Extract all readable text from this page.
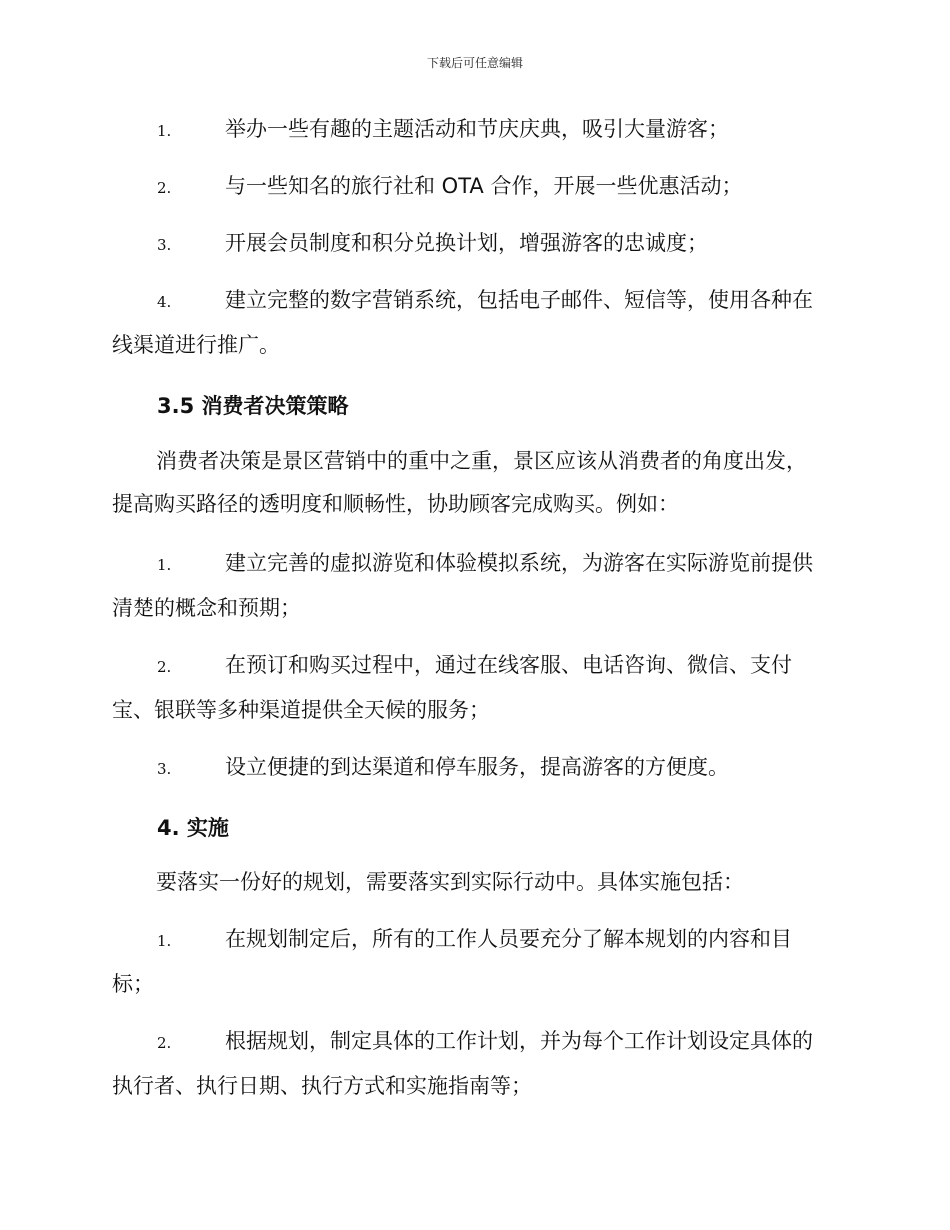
下载后可任意编辑
1.	举办一些有趣的主题活动和节庆庆典，吸引大量游客；
2.	与一些知名的旅行社和 OTA 合作，开展一些优惠活动；
3.	开展会员制度和积分兑换计划，增强游客的忠诚度；
4.	建立完整的数字营销系统，包括电子邮件、短信等，使用各种在
线渠道进行推广。
3.5 消费者决策策略
消费者决策是景区营销中的重中之重，景区应该从消费者的角度出发，
提高购买路径的透明度和顺畅性，协助顾客完成购买。例如：
1.	建立完善的虚拟游览和体验模拟系统，为游客在实际游览前提供
清楚的概念和预期；
2.	在预订和购买过程中，通过在线客服、电话咨询、微信、支付
宝、银联等多种渠道提供全天候的服务；
3.	设立便捷的到达渠道和停车服务，提高游客的方便度。
4. 实施
要落实一份好的规划，需要落实到实际行动中。具体实施包括：
1.	在规划制定后，所有的工作人员要充分了解本规划的内容和目
标；
2.	根据规划，制定具体的工作计划，并为每个工作计划设定具体的
执行者、执行日期、执行方式和实施指南等；
